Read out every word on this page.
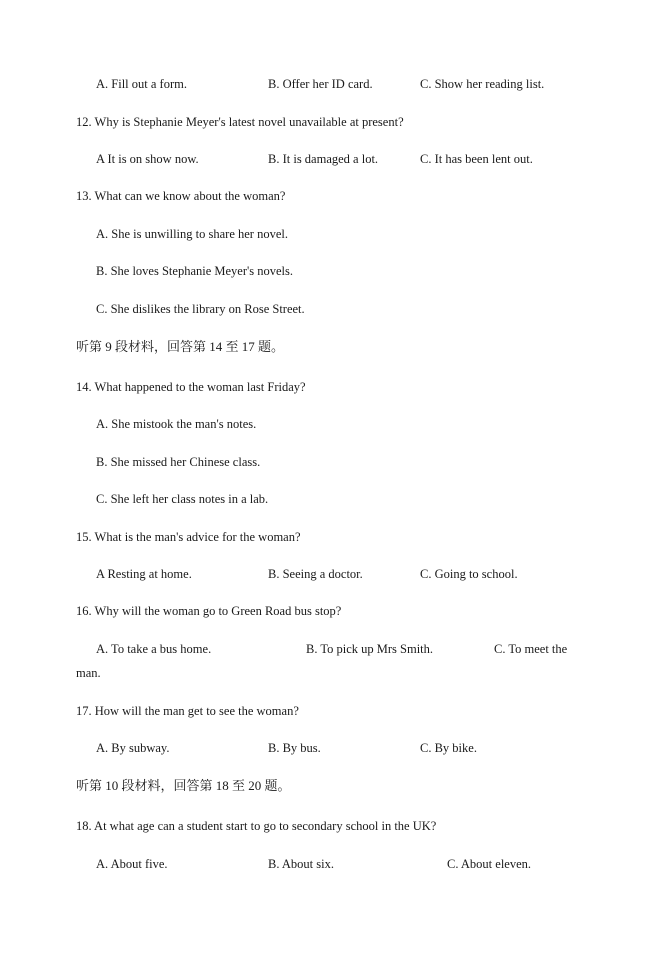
A. Fill out a form.	B. Offer her ID card.	C. Show her reading list.
12. Why is Stephanie Meyer's latest novel unavailable at present?
A It is on show now.	B. It is damaged a lot.	C. It has been lent out.
13. What can we know about the woman?
A. She is unwilling to share her novel.
B. She loves Stephanie Meyer's novels.
C. She dislikes the library on Rose Street.
听第 9 段材料，回答第 14 至 17 题。
14. What happened to the woman last Friday?
A. She mistook the man's notes.
B. She missed her Chinese class.
C. She left her class notes in a lab.
15. What is the man's advice for the woman?
A Resting at home.	B. Seeing a doctor.	C. Going to school.
16. Why will the woman go to Green Road bus stop?
A. To take a bus home.	B. To pick up Mrs Smith.	C. To meet the
man.
17. How will the man get to see the woman?
A. By subway.	B. By bus.	C. By bike.
听第 10 段材料，回答第 18 至 20 题。
18. At what age can a student start to go to secondary school in the UK?
A. About five.	B. About six.	C. About eleven.
